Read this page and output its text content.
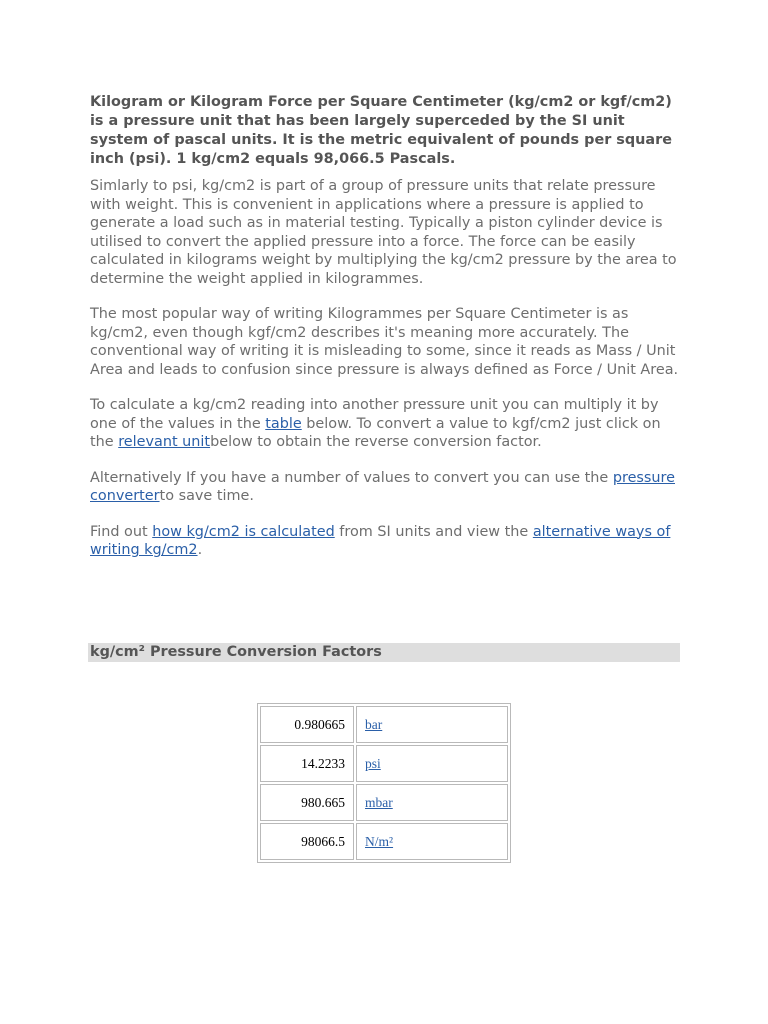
Kilogram or Kilogram Force per Square Centimeter (kg/cm2 or kgf/cm2) is a pressure unit that has been largely superceded by the SI unit system of pascal units. It is the metric equivalent of pounds per square inch (psi). 1 kg/cm2 equals 98,066.5 Pascals.

Simlarly to psi, kg/cm2 is part of a group of pressure units that relate pressure with weight. This is convenient in applications where a pressure is applied to generate a load such as in material testing. Typically a piston cylinder device is utilised to convert the applied pressure into a force. The force can be easily calculated in kilograms weight by multiplying the kg/cm2 pressure by the area to determine the weight applied in kilogrammes.

The most popular way of writing Kilogrammes per Square Centimeter is as kg/cm2, even though kgf/cm2 describes it's meaning more accurately. The conventional way of writing it is misleading to some, since it reads as Mass / Unit Area and leads to confusion since pressure is always defined as Force / Unit Area.

To calculate a kg/cm2 reading into another pressure unit you can multiply it by one of the values in the table below. To convert a value to kgf/cm2 just click on the relevant unitbelow to obtain the reverse conversion factor.

Alternatively If you have a number of values to convert you can use the pressure converterto save time.

Find out how kg/cm2 is calculated from SI units and view the alternative ways of writing kg/cm2.

kg/cm² Pressure Conversion Factors
0.980665	bar
14.2233	psi
980.665	mbar
98066.5	N/m²
